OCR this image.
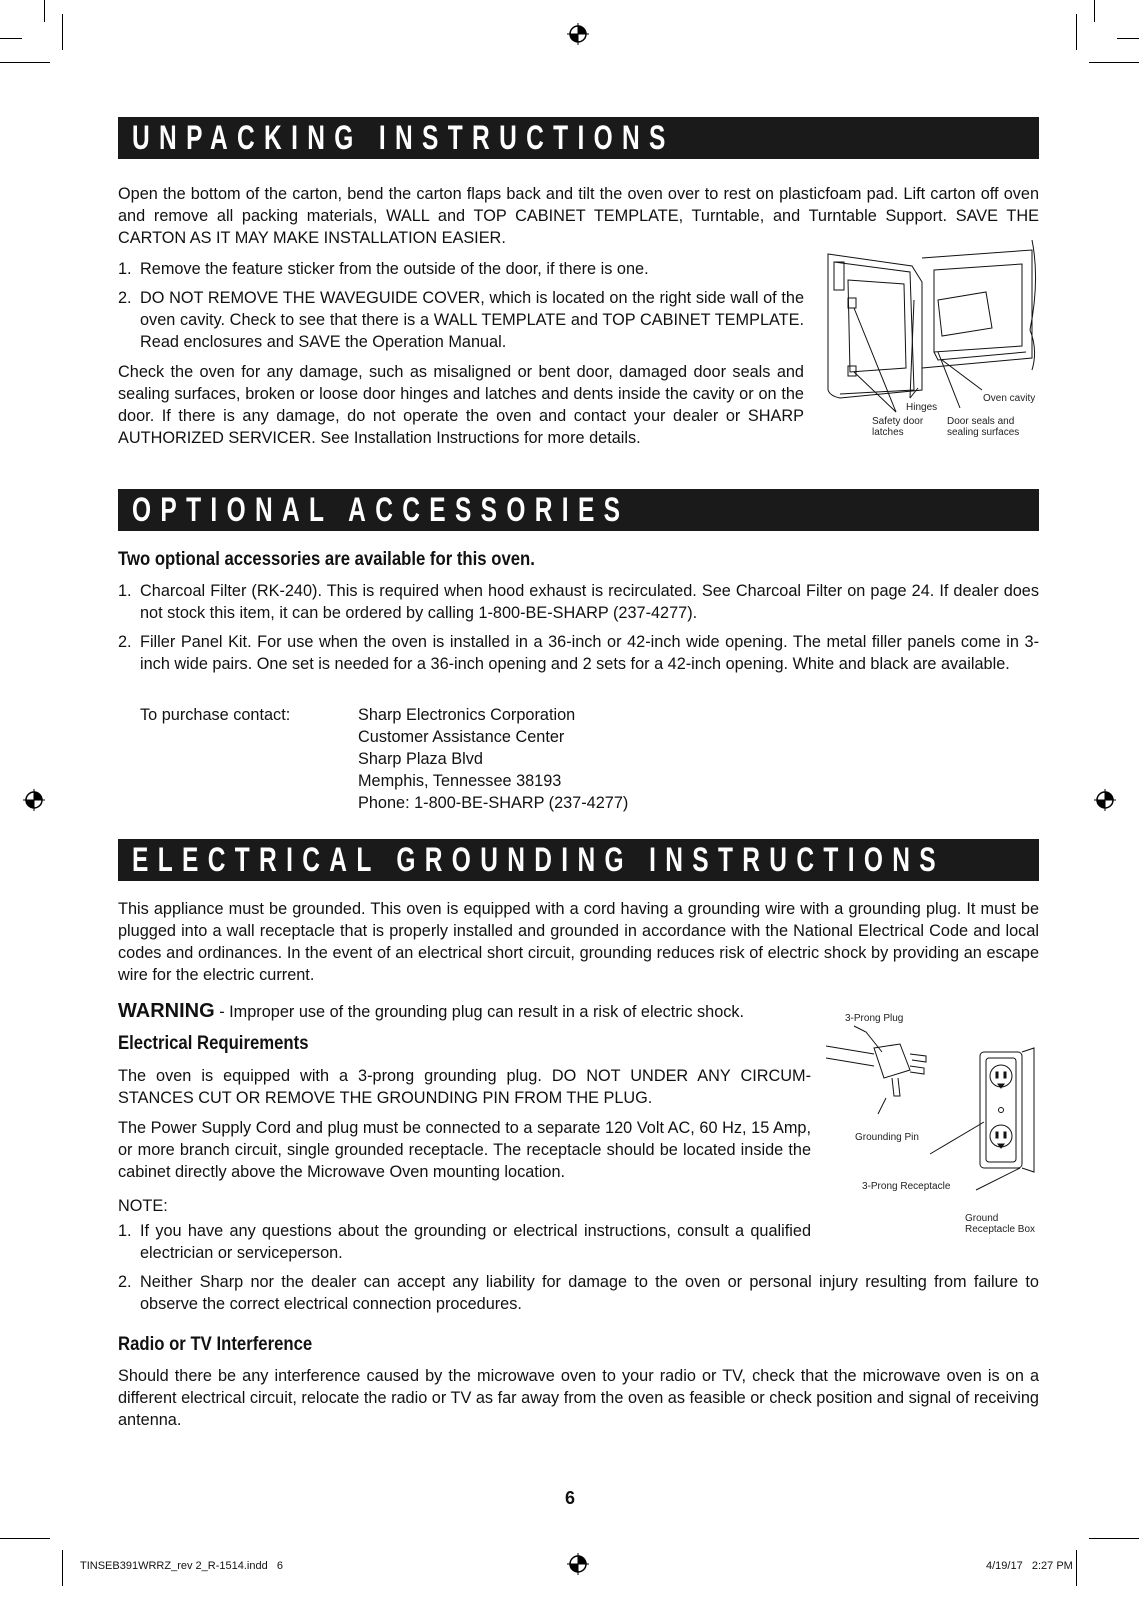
UNPACKING INSTRUCTIONS

Open the bottom of the carton, bend the carton flaps back and tilt the oven over to rest on plasticfoam pad. Lift carton off oven and remove all packing materials, WALL and TOP CABINET TEMPLATE, Turntable, and Turntable Support. SAVE THE CARTON AS IT MAY MAKE INSTALLATION EASIER.

1. Remove the feature sticker from the outside of the door, if there is one.
2. DO NOT REMOVE THE WAVEGUIDE COVER, which is located on the right side wall of the oven cavity. Check to see that there is a WALL TEMPLATE and TOP CABINET TEMPLATE. Read enclosures and SAVE the Operation Manual.

Check the oven for any damage, such as misaligned or bent door, damaged door seals and sealing surfaces, broken or loose door hinges and latches and dents inside the cavity or on the door. If there is any damage, do not operate the oven and contact your dealer or SHARP AUTHORIZED SERVICER. See Installation Instructions for more details.

Oven cavity
Hinges
Safety door
latches
Door seals and
sealing surfaces
OPTIONAL ACCESSORIES

Two optional accessories are available for this oven.

1. Charcoal Filter (RK-240). This is required when hood exhaust is recirculated. See Charcoal Filter on page 24. If dealer does not stock this item, it can be ordered by calling 1-800-BE-SHARP (237-4277).
2. Filler Panel Kit. For use when the oven is installed in a 36-inch or 42-inch wide opening. The metal filler panels come in 3-inch wide pairs. One set is needed for a 36-inch opening and 2 sets for a 42-inch opening. White and black are available.
To purchase contact:	Sharp Electronics Corporation
Customer Assistance Center
Sharp Plaza Blvd
Memphis, Tennessee 38193
Phone: 1-800-BE-SHARP (237-4277)
ELECTRICAL GROUNDING INSTRUCTIONS

This appliance must be grounded. This oven is equipped with a cord having a grounding wire with a grounding plug. It must be plugged into a wall receptacle that is properly installed and grounded in accordance with the National Electrical Code and local codes and ordinances. In the event of an electrical short circuit, grounding reduces risk of electric shock by providing an escape wire for the electric current.

WARNING - Improper use of the grounding plug can result in a risk of electric shock.

Electrical Requirements

The oven is equipped with a 3-prong grounding plug. DO NOT UNDER ANY CIRCUM-STANCES CUT OR REMOVE THE GROUNDING PIN FROM THE PLUG.

The Power Supply Cord and plug must be connected to a separate 120 Volt AC, 60 Hz, 15 Amp, or more branch circuit, single grounded receptacle. The receptacle should be located inside the cabinet directly above the Microwave Oven mounting location.

NOTE:
1. If you have any questions about the grounding or electrical instructions, consult a qualified electrician or serviceperson.
2. Neither Sharp nor the dealer can accept any liability for damage to the oven or personal injury resulting from failure to observe the correct electrical connection procedures.
3-Prong Plug
Grounding Pin
3-Prong Receptacle
Ground
Receptacle Box

Radio or TV Interference

Should there be any interference caused by the microwave oven to your radio or TV, check that the microwave oven is on a different electrical circuit, relocate the radio or TV as far away from the oven as feasible or check position and signal of receiving antenna.

6
TINSEB391WRRZ_rev 2_R-1514.indd   6	4/19/17   2:27 PM
